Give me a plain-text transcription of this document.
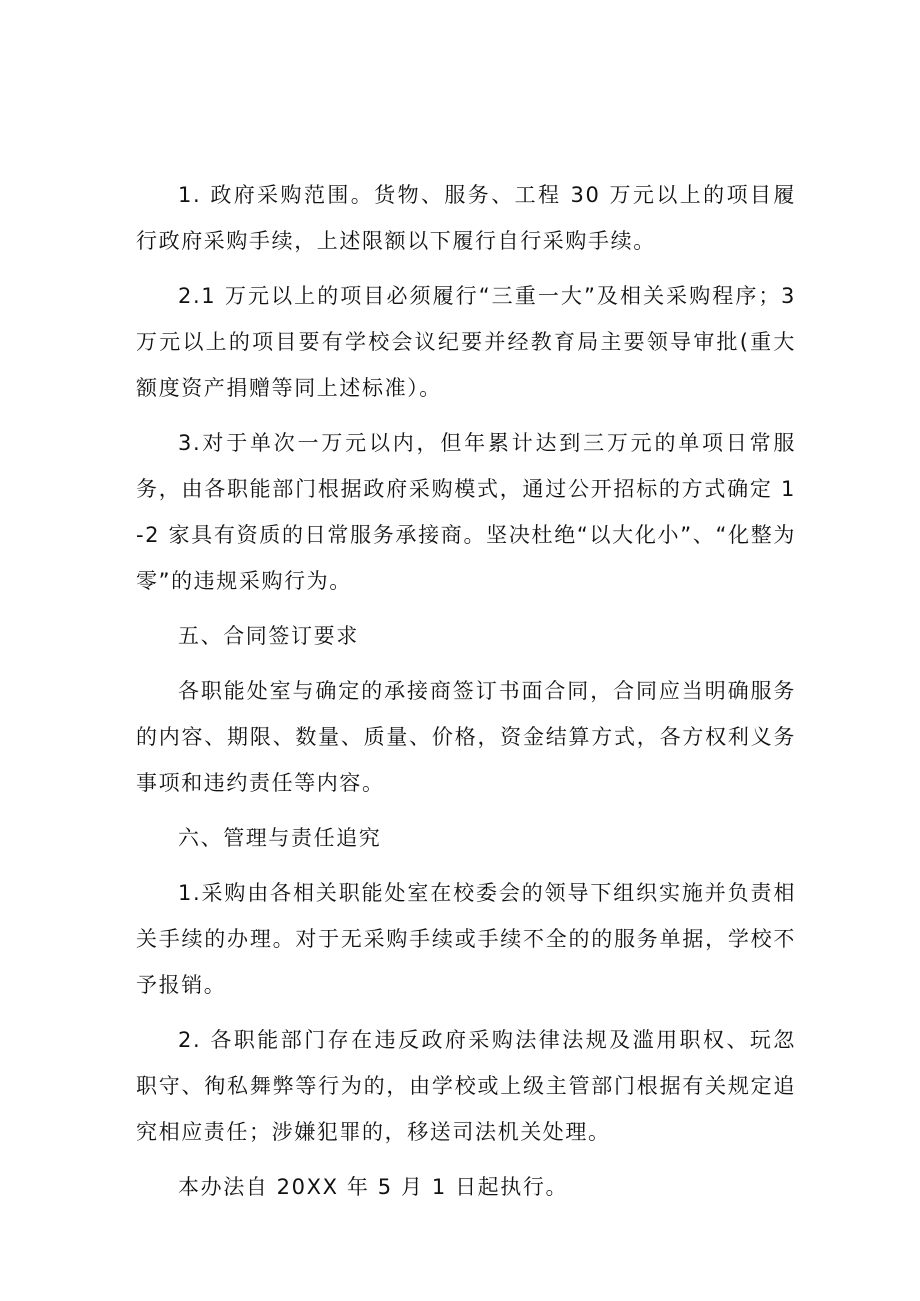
1. 政府采购范围。货物、服务、工程 30 万元以上的项目履行政府采购手续，上述限额以下履行自行采购手续。

2.1 万元以上的项目必须履行“三重一大”及相关采购程序；3 万元以上的项目要有学校会议纪要并经教育局主要领导审批(重大额度资产捐赠等同上述标准）。

3.对于单次一万元以内，但年累计达到三万元的单项日常服务，由各职能部门根据政府采购模式，通过公开招标的方式确定 1-2 家具有资质的日常服务承接商。坚决杜绝“以大化小”、“化整为零”的违规采购行为。

五、合同签订要求

各职能处室与确定的承接商签订书面合同，合同应当明确服务的内容、期限、数量、质量、价格，资金结算方式，各方权利义务事项和违约责任等内容。

六、管理与责任追究

1.采购由各相关职能处室在校委会的领导下组织实施并负责相关手续的办理。对于无采购手续或手续不全的的服务单据，学校不予报销。

2. 各职能部门存在违反政府采购法律法规及滥用职权、玩忽职守、徇私舞弊等行为的，由学校或上级主管部门根据有关规定追究相应责任；涉嫌犯罪的，移送司法机关处理。

本办法自 20XX 年 5 月 1 日起执行。
